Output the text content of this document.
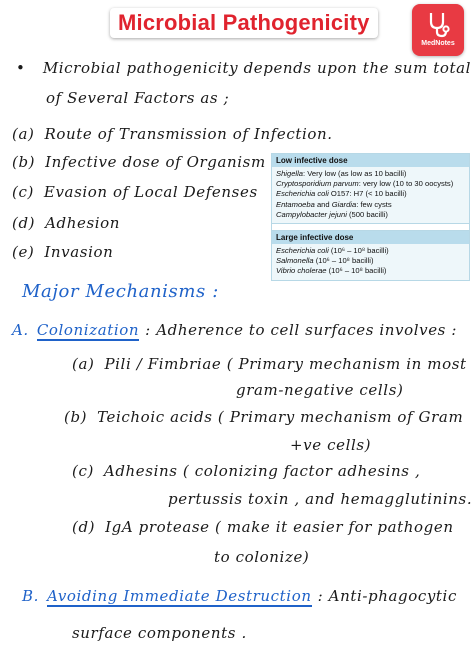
Microbial Pathogenicity
MedNotes
• Microbial pathogenicity depends upon the sum total
of Several Factors as ;
(a) Route of Transmission of Infection.
(b) Infective dose of Organism
(c) Evasion of Local Defenses
(d) Adhesion
(e) Invasion
Low infective dose
Shigella: Very low (as low as 10 bacilli)
Cryptosporidium parvum: very low (10 to 30 oocysts)
Escherichia coli O157: H7 (< 10 bacilli)
Entamoeba and Giardia: few cysts
Campylobacter jejuni (500 bacilli)
Large infective dose
Escherichia coli (10⁶ – 10⁸ bacilli)
Salmonella (10⁶ – 10⁸ bacilli)
Vibrio cholerae (10⁶ – 10⁸ bacilli)
Major Mechanisms :
A. Colonization : Adherence to cell surfaces involves :
(a) Pili / Fimbriae ( Primary mechanism in most
gram-negative cells)
(b) Teichoic acids ( Primary mechanism of Gram
+ve cells)
(c) Adhesins ( colonizing factor adhesins ,
pertussis toxin , and hemagglutinins.
(d) IgA protease ( make it easier for pathogen
to colonize)
B. Avoiding Immediate Destruction : Anti-phagocytic
surface components .
